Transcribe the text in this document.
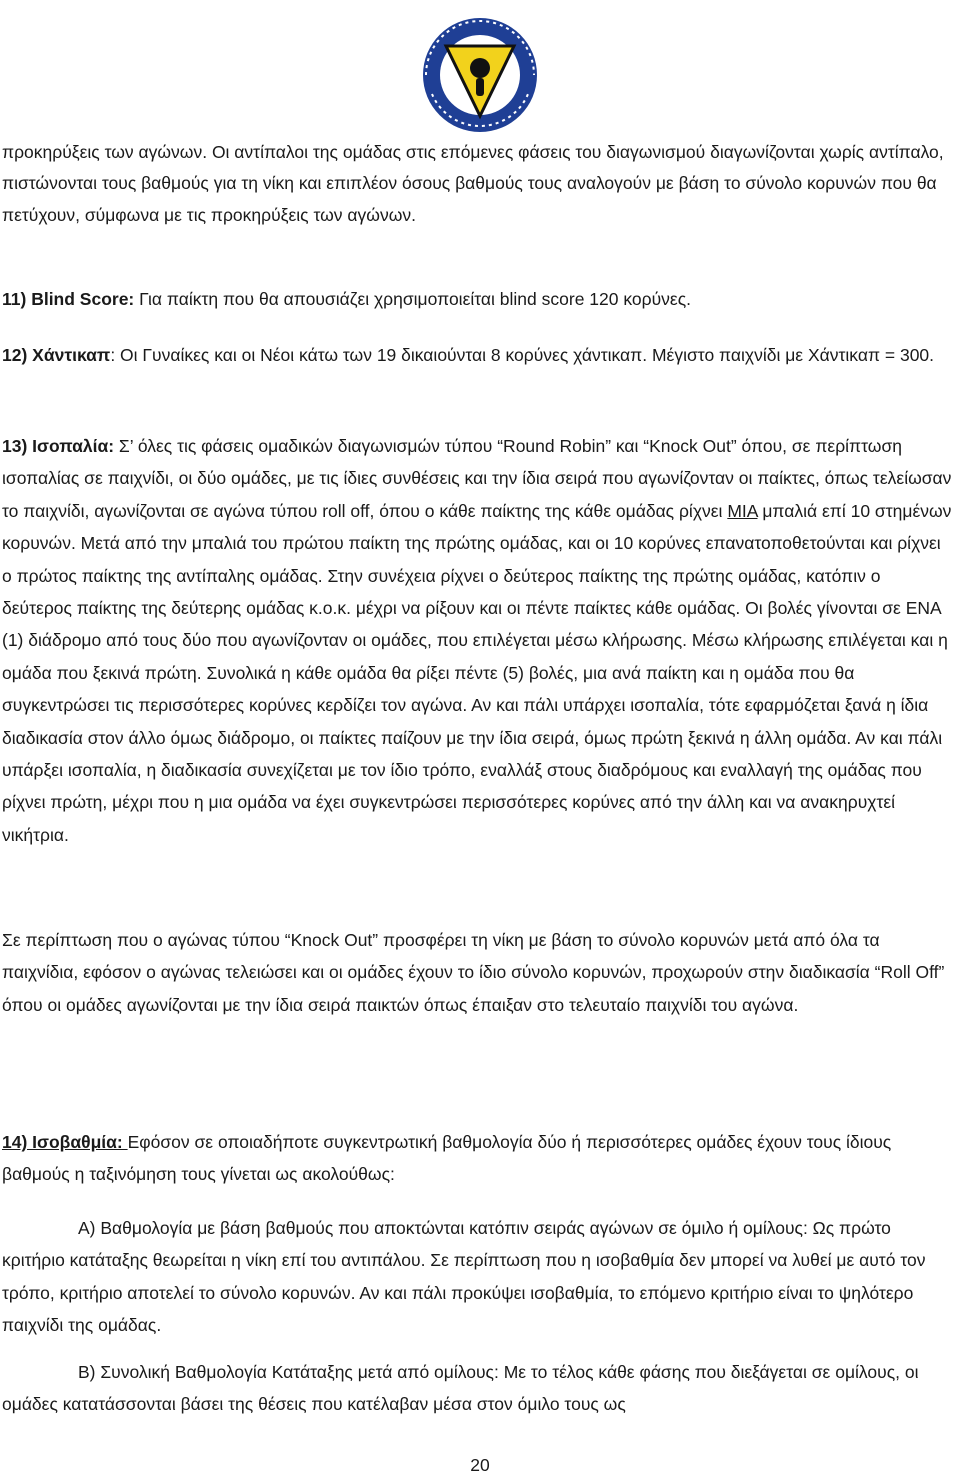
προκηρύξεις των αγώνων. Οι αντίπαλοι της ομάδας στις επόμενες φάσεις του διαγωνισμού διαγωνίζονται χωρίς αντίπαλο, πιστώνονται τους βαθμούς για τη νίκη και επιπλέον όσους βαθμούς τους αναλογούν με βάση το σύνολο κορυνών που θα πετύχουν, σύμφωνα με τις προκηρύξεις των αγώνων.

11) Blind Score: Για παίκτη που θα απουσιάζει χρησιμοποιείται blind score 120 κορύνες.

12) Χάντικαπ: Οι Γυναίκες και οι Νέοι κάτω των 19 δικαιούνται 8 κορύνες χάντικαπ. Μέγιστο παιχνίδι με Χάντικαπ = 300.

13) Ισοπαλία: Σ’ όλες τις φάσεις ομαδικών διαγωνισμών τύπου “Round Robin” και “Knock Out” όπου, σε περίπτωση ισοπαλίας σε παιχνίδι, οι δύο ομάδες, με τις ίδιες συνθέσεις και την ίδια σειρά που αγωνίζονταν οι παίκτες, όπως τελείωσαν το παιχνίδι, αγωνίζονται σε αγώνα τύπου roll off, όπου ο κάθε παίκτης της κάθε ομάδας ρίχνει ΜΙΑ μπαλιά επί 10 στημένων κορυνών. Μετά από την μπαλιά του πρώτου παίκτη της πρώτης ομάδας, και οι 10 κορύνες επανατοποθετούνται και ρίχνει ο πρώτος παίκτης της αντίπαλης ομάδας. Στην συνέχεια ρίχνει ο δεύτερος παίκτης της πρώτης ομάδας, κατόπιν ο δεύτερος παίκτης της δεύτερης ομάδας κ.ο.κ. μέχρι να ρίξουν και οι πέντε παίκτες κάθε ομάδας. Οι βολές γίνονται σε ΕΝΑ (1) διάδρομο από τους δύο που αγωνίζονταν οι ομάδες, που επιλέγεται μέσω κλήρωσης. Μέσω κλήρωσης επιλέγεται και η ομάδα που ξεκινά πρώτη. Συνολικά η κάθε ομάδα θα ρίξει πέντε (5) βολές, μια ανά παίκτη και η ομάδα που θα συγκεντρώσει τις περισσότερες κορύνες κερδίζει τον αγώνα. Αν και πάλι υπάρχει ισοπαλία, τότε εφαρμόζεται ξανά η ίδια διαδικασία στον άλλο όμως διάδρομο, οι παίκτες παίζουν με την ίδια σειρά, όμως πρώτη ξεκινά η άλλη ομάδα. Αν και πάλι υπάρξει ισοπαλία, η διαδικασία συνεχίζεται με τον ίδιο τρόπο, εναλλάξ στους διαδρόμους και εναλλαγή της ομάδας που ρίχνει πρώτη, μέχρι που η μια ομάδα να έχει συγκεντρώσει περισσότερες κορύνες από την άλλη και να ανακηρυχτεί νικήτρια.

Σε περίπτωση που ο αγώνας τύπου “Knock Out” προσφέρει τη νίκη με βάση το σύνολο κορυνών μετά από όλα τα παιχνίδια, εφόσον ο αγώνας τελειώσει και οι ομάδες έχουν το ίδιο σύνολο κορυνών, προχωρούν στην διαδικασία “Roll Off” όπου οι ομάδες αγωνίζονται με την ίδια σειρά παικτών όπως έπαιξαν στο τελευταίο παιχνίδι του αγώνα.

14) Ισοβαθμία: Εφόσον σε οποιαδήποτε συγκεντρωτική βαθμολογία δύο ή περισσότερες ομάδες έχουν τους ίδιους βαθμούς η ταξινόμηση τους γίνεται ως ακολούθως:

Α) Βαθμολογία με βάση βαθμούς που αποκτώνται κατόπιν σειράς αγώνων σε όμιλο ή ομίλους: Ως πρώτο κριτήριο κατάταξης θεωρείται η νίκη επί του αντιπάλου. Σε περίπτωση που η ισοβαθμία δεν μπορεί να λυθεί με αυτό τον τρόπο, κριτήριο αποτελεί το σύνολο κορυνών. Αν και πάλι προκύψει ισοβαθμία, το επόμενο κριτήριο είναι το ψηλότερο παιχνίδι της ομάδας.

Β) Συνολική Βαθμολογία Κατάταξης μετά από ομίλους: Με το τέλος κάθε φάσης που διεξάγεται σε ομίλους, οι ομάδες κατατάσσονται βάσει της θέσεις που κατέλαβαν μέσα στον όμιλο τους ως

20
